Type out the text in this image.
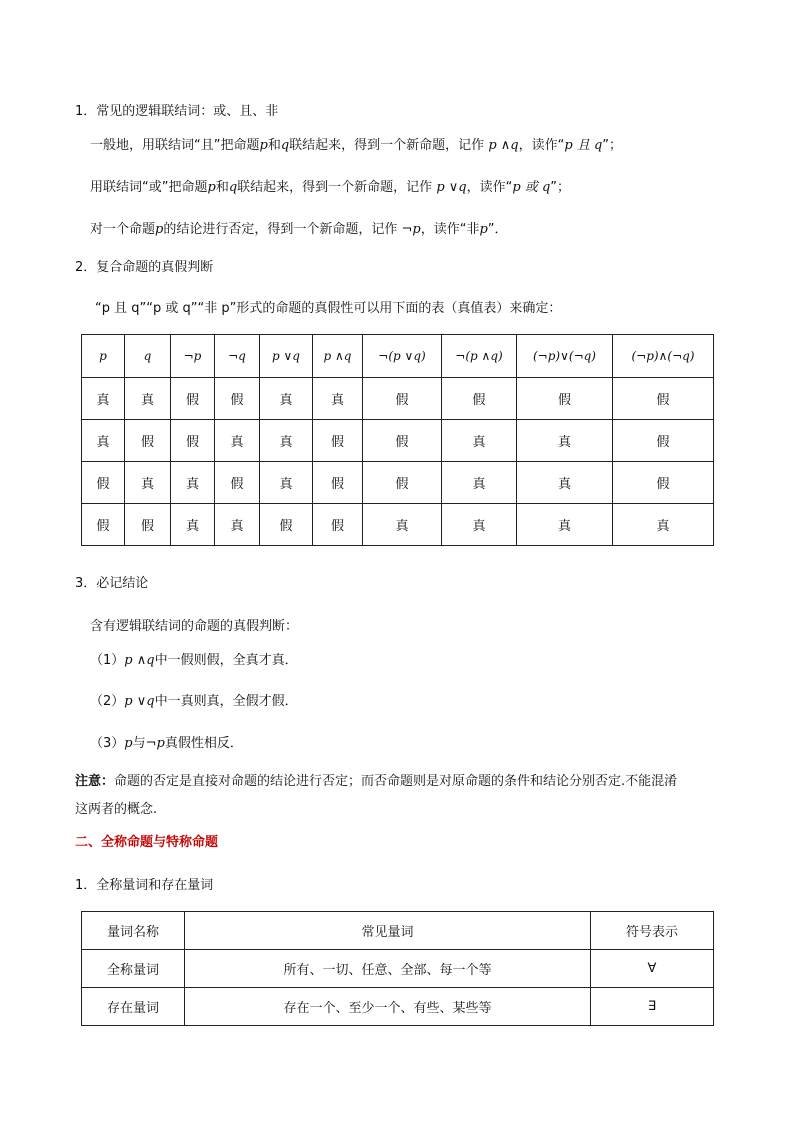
1．常见的逻辑联结词：或、且、非
一般地，用联结词“且”把命题p和q联结起来，得到一个新命题，记作 p ∧q，读作“p 且 q”；
用联结词“或”把命题p和q联结起来，得到一个新命题，记作 p ∨q，读作“p 或 q”；
对一个命题p的结论进行否定，得到一个新命题，记作 ¬p，读作“非p”．
2．复合命题的真假判断
“p 且 q”“p 或 q”“非 p”形式的命题的真假性可以用下面的表（真值表）来确定：
p	q	¬p	¬q	p ∨q	p ∧q	¬(p ∨q)	¬(p ∧q)	(¬p)∨(¬q)	(¬p)∧(¬q)
真	真	假	假	真	真	假	假	假	假
真	假	假	真	真	假	假	真	真	假
假	真	真	假	真	假	假	真	真	假
假	假	真	真	假	假	真	真	真	真
3．必记结论
含有逻辑联结词的命题的真假判断：
（1）p ∧q中一假则假，全真才真．
（2）p ∨q中一真则真，全假才假．
（3）p与¬p真假性相反．
注意：命题的否定是直接对命题的结论进行否定；而否命题则是对原命题的条件和结论分别否定.不能混淆
这两者的概念.
二、全称命题与特称命题
1．全称量词和存在量词
量词名称	常见量词	符号表示
全称量词	所有、一切、任意、全部、每一个等	∀
存在量词	存在一个、至少一个、有些、某些等	∃
